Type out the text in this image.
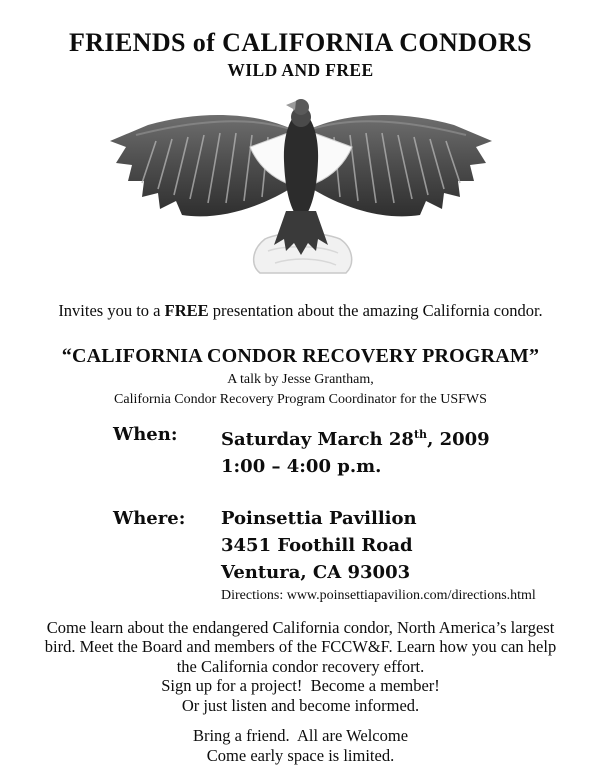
FRIENDS of CALIFORNIA CONDORS
WILD AND FREE
Invites you to a FREE presentation about the amazing California condor.
“CALIFORNIA CONDOR RECOVERY PROGRAM”
A talk by Jesse Grantham,
California Condor Recovery Program Coordinator for the USFWS
When:	Saturday March 28th, 2009
1:00 – 4:00 p.m.
Where:	Poinsettia Pavillion
3451 Foothill Road
Ventura, CA 93003
Directions: www.poinsettiapavilion.com/directions.html
Come learn about the endangered California condor, North America’s largest
bird. Meet the Board and members of the FCCW&F. Learn how you can help
the California condor recovery effort.
Sign up for a project!  Become a member!
Or just listen and become informed.
Bring a friend.  All are Welcome
Come early space is limited.
